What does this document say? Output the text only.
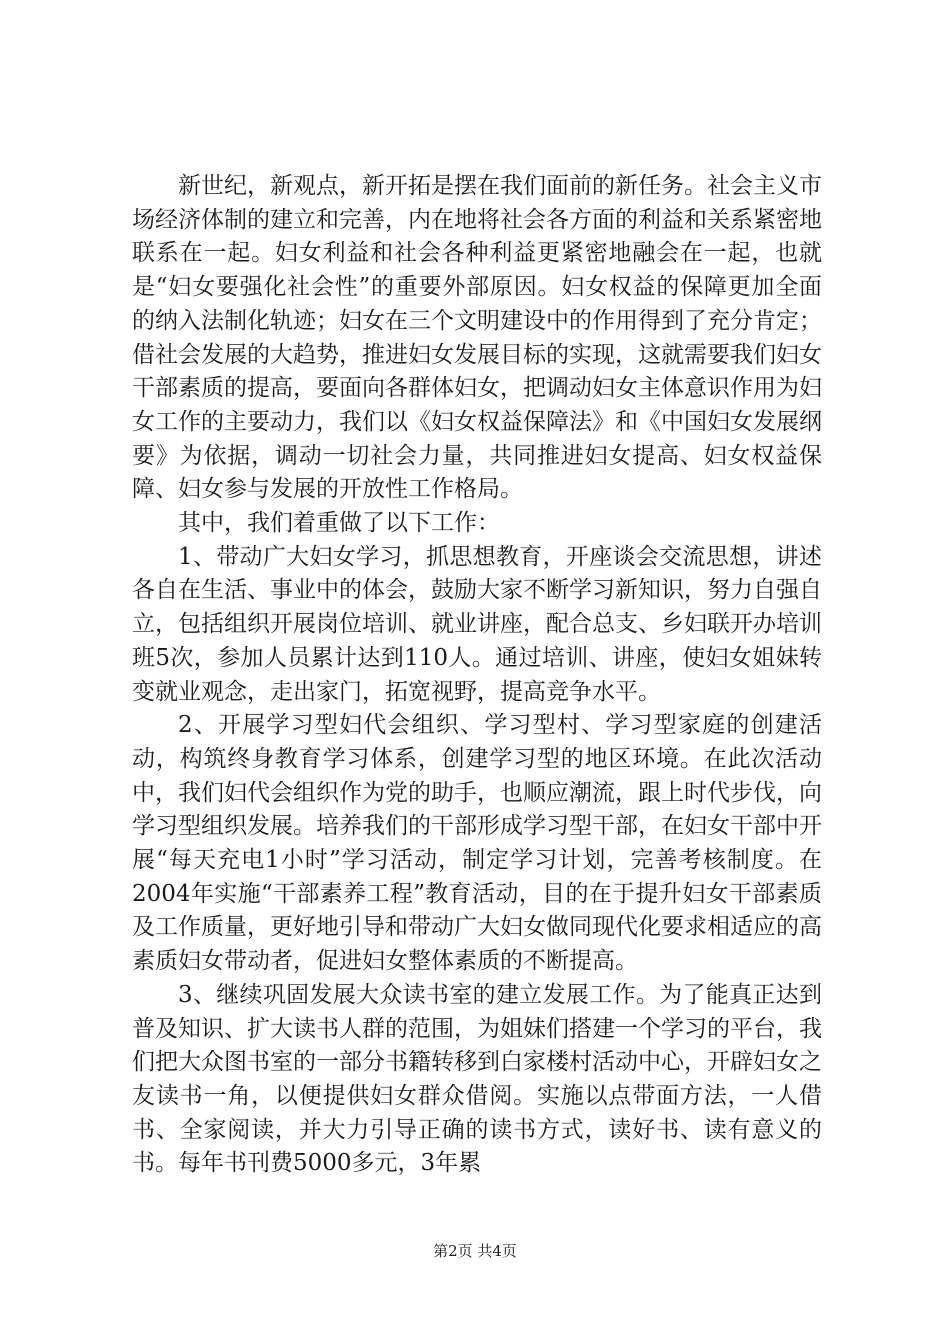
新世纪，新观点，新开拓是摆在我们面前的新任务。社会主义市场经济体制的建立和完善，内在地将社会各方面的利益和关系紧密地联系在一起。妇女利益和社会各种利益更紧密地融会在一起，也就是“妇女要强化社会性”的重要外部原因。妇女权益的保障更加全面的纳入法制化轨迹；妇女在三个文明建设中的作用得到了充分肯定；借社会发展的大趋势，推进妇女发展目标的实现，这就需要我们妇女干部素质的提高，要面向各群体妇女，把调动妇女主体意识作用为妇女工作的主要动力，我们以《妇女权益保障法》和《中国妇女发展纲要》为依据，调动一切社会力量，共同推进妇女提高、妇女权益保障、妇女参与发展的开放性工作格局。

其中，我们着重做了以下工作：

1、带动广大妇女学习，抓思想教育，开座谈会交流思想，讲述各自在生活、事业中的体会，鼓励大家不断学习新知识，努力自强自立，包括组织开展岗位培训、就业讲座，配合总支、乡妇联开办培训班5次，参加人员累计达到110人。通过培训、讲座，使妇女姐妹转变就业观念，走出家门，拓宽视野，提高竞争水平。

2、开展学习型妇代会组织、学习型村、学习型家庭的创建活动，构筑终身教育学习体系，创建学习型的地区环境。在此次活动中，我们妇代会组织作为党的助手，也顺应潮流，跟上时代步伐，向学习型组织发展。培养我们的干部形成学习型干部，在妇女干部中开展“每天充电1小时”学习活动，制定学习计划，完善考核制度。在2004年实施“干部素养工程”教育活动，目的在于提升妇女干部素质及工作质量，更好地引导和带动广大妇女做同现代化要求相适应的高素质妇女带动者，促进妇女整体素质的不断提高。

3、继续巩固发展大众读书室的建立发展工作。为了能真正达到普及知识、扩大读书人群的范围，为姐妹们搭建一个学习的平台，我们把大众图书室的一部分书籍转移到白家楼村活动中心，开辟妇女之友读书一角，以便提供妇女群众借阅。实施以点带面方法，一人借书、全家阅读，并大力引导正确的读书方式，读好书、读有意义的书。每年书刊费5000多元，3年累

第2页 共4页
